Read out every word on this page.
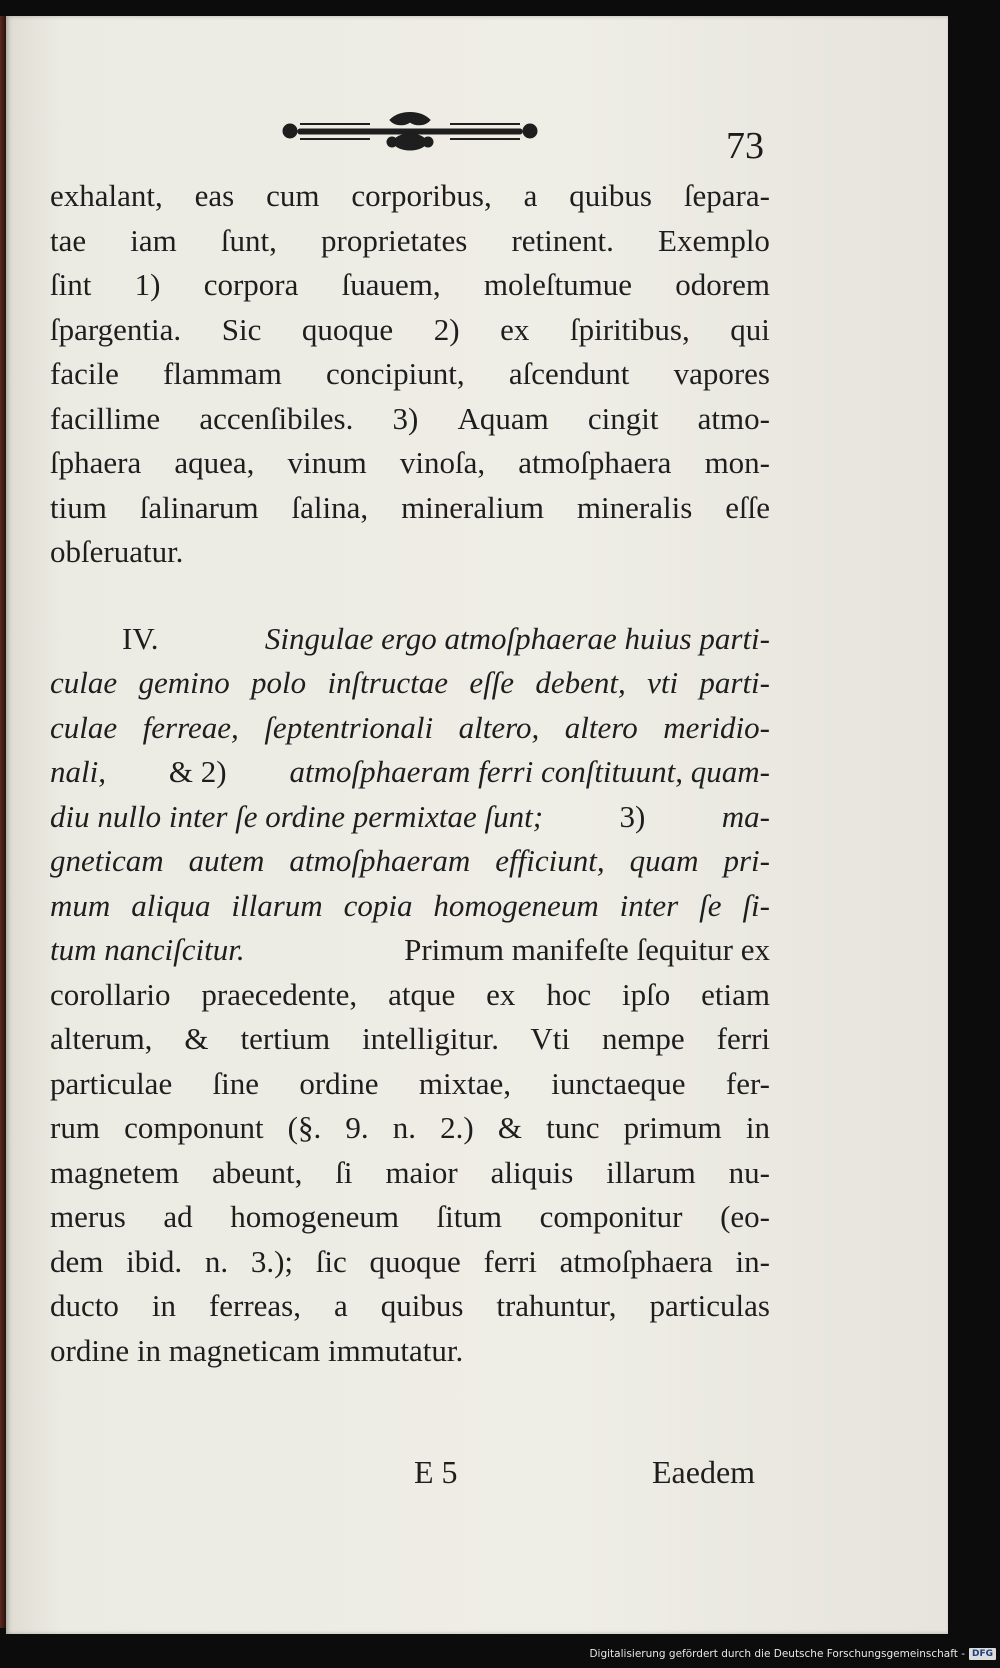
73
exhalant, eas cum corporibus, a quibus ſepara-
tae iam ſunt, proprietates retinent. Exemplo
ſint 1) corpora ſuauem, moleſtumue odorem
ſpargentia. Sic quoque 2) ex ſpiritibus, qui
facile flammam concipiunt, aſcendunt vapores
facillime accenſibiles. 3) Aquam cingit atmo-
ſphaera aquea, vinum vinoſa, atmoſphaera mon-
tium ſalinarum ſalina, mineralium mineralis eſſe
obſeruatur.
IV.	Singulae ergo atmoſphaerae huius parti-
culae gemino polo inſtructae eſſe debent, vti parti-
culae ferreae, ſeptentrionali altero, altero meridio-
nali, & 2) atmoſphaeram ferri conſtituunt, quam-
diu nullo inter ſe ordine permixtae ſunt; 3) ma-
gneticam autem atmoſphaeram efficiunt, quam pri-
mum aliqua illarum copia homogeneum inter ſe ſi-
tum nanciſcitur.	Primum manifeſte ſequitur ex
corollario praecedente, atque ex hoc ipſo etiam
alterum, & tertium intelligitur. Vti nempe ferri
particulae ſine ordine mixtae, iunctaeque fer-
rum componunt (§. 9. n. 2.) & tunc primum in
magnetem abeunt, ſi maior aliquis illarum nu-
merus ad homogeneum ſitum componitur (eo-
dem ibid. n. 3.); ſic quoque ferri atmoſphaera in-
ducto in ferreas, a quibus trahuntur, particulas
ordine in magneticam immutatur.
E 5	Eaedem
Digitalisierung gefördert durch die Deutsche Forschungsgemeinschaft - DFG
